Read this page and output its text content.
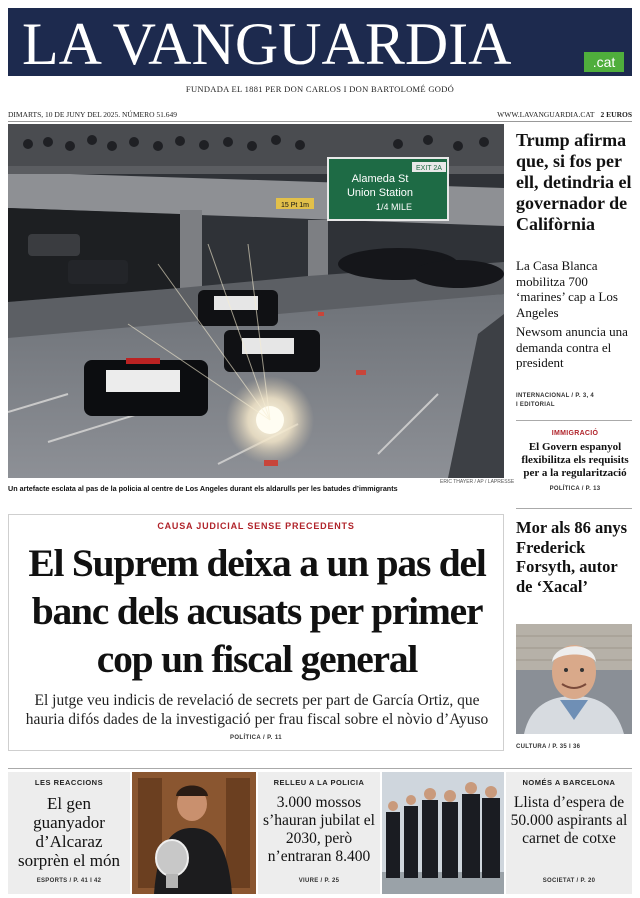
LA VANGUARDIA	.cat
FUNDADA EL 1881 PER DON CARLOS I DON BARTOLOMÉ GODÓ
DIMARTS, 10 DE JUNY DEL 2025. NÚMERO 51.649	WWW.LAVANGUARDIA.CAT 2 EUROS
EXIT 2A
Alameda St
Union Station
1/4 MILE
15 Pt 1m
ERIC THAYER / AP / LAPRESSE
Un artefacte esclata al pas de la policia al centre de Los Angeles durant els aldarulls per les batudes d’immigrants
Trump afirma que, si fos per ell, detindria el governador de Califòrnia
La Casa Blanca mobilitza 700 ‘marines’ cap a Los Angeles
Newsom anuncia una demanda contra el president
INTERNACIONAL / P. 3, 4
I EDITORIAL
IMMIGRACIÓ
El Govern espanyol flexibilitza els requisits per a la regularització
POLÍTICA / P. 13
CAUSA JUDICIAL SENSE PRECEDENTS
El Suprem deixa a un pas del banc dels acusats per primer cop un fiscal general
El jutge veu indicis de revelació de secrets per part de García Ortiz, que hauria difós dades de la investigació per frau fiscal sobre el nòvio d’Ayuso
POLÍTICA / P. 11
Mor als 86 anys Frederick Forsyth, autor de ‘Xacal’
CULTURA / P. 35 I 36
LES REACCIONS
El gen guanyador d’Alcaraz sorprèn el món
ESPORTS / P. 41 I 42
RELLEU A LA POLICIA
3.000 mossos s’hauran jubilat el 2030, però n’entraran 8.400
VIURE / P. 25
NOMÉS A BARCELONA
Llista d’espera de 50.000 aspirants al carnet de cotxe
SOCIETAT / P. 20
